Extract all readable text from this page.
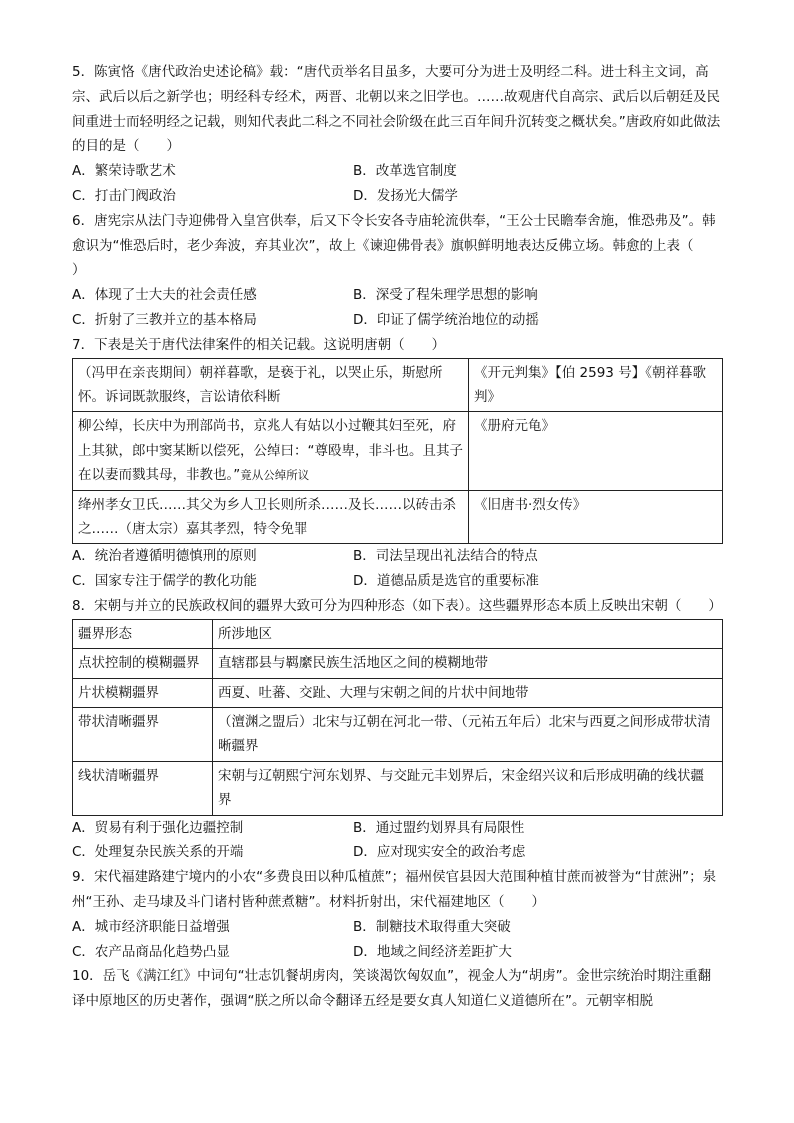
5．陈寅恪《唐代政治史述论稿》载：“唐代贡举名目虽多，大要可分为进士及明经二科。进士科主文词，高宗、武后以后之新学也；明经科专经术，两晋、北朝以来之旧学也。……故观唐代自高宗、武后以后朝廷及民间重进士而轻明经之记载，则知代表此二科之不同社会阶级在此三百年间升沉转变之概状矣。”唐政府如此做法的目的是（　　）

A．繁荣诗歌艺术	B．改革选官制度
C．打击门阀政治	D．发扬光大儒学

6．唐宪宗从法门寺迎佛骨入皇宫供奉，后又下令长安各寺庙轮流供奉，“王公士民瞻奉舍施，惟恐弗及”。韩愈识为“惟恐后时，老少奔波，弃其业次”，故上《谏迎佛骨表》旗帜鲜明地表达反佛立场。韩愈的上表（　　）

A．体现了士大夫的社会责任感	B．深受了程朱理学思想的影响
C．折射了三教并立的基本格局	D．印证了儒学统治地位的动摇

7．下表是关于唐代法律案件的相关记载。这说明唐朝（　　）

（冯甲在亲丧期间）朝祥暮歌，是亵于礼，以哭止乐，斯慰所怀。诉词既款服终，言讼请依科断	《开元判集》【伯 2593 号】《朝祥暮歌判》
柳公绰，长庆中为刑部尚书，京兆人有姑以小过鞭其妇至死，府上其狱，郎中窦某断以偿死，公绰曰：“尊殴卑，非斗也。且其子在以妻而戮其母，非教也。”竟从公绰所议	《册府元龟》
绛州孝女卫氏……其父为乡人卫长则所杀……及长……以砖击杀之……（唐太宗）嘉其孝烈，特令免罪	《旧唐书·烈女传》
A．统治者遵循明德慎刑的原则	B．司法呈现出礼法结合的特点
C．国家专注于儒学的教化功能	D．道德品质是选官的重要标准

8．宋朝与并立的民族政权间的疆界大致可分为四种形态（如下表）。这些疆界形态本质上反映出宋朝（　　）

疆界形态	所涉地区
点状控制的模糊疆界	直辖郡县与羁縻民族生活地区之间的模糊地带
片状模糊疆界	西夏、吐蕃、交趾、大理与宋朝之间的片状中间地带
带状清晰疆界	（澶渊之盟后）北宋与辽朝在河北一带、（元祐五年后）北宋与西夏之间形成带状清晰疆界
线状清晰疆界	宋朝与辽朝熙宁河东划界、与交趾元丰划界后，宋金绍兴议和后形成明确的线状疆界
A．贸易有利于强化边疆控制	B．通过盟约划界具有局限性
C．处理复杂民族关系的开端	D．应对现实安全的政治考虑

9．宋代福建路建宁境内的小农“多费良田以种瓜植蔗”；福州侯官县因大范围种植甘蔗而被誉为“甘蔗洲”；泉州“王孙、走马埭及斗门诸村皆种蔗煮糖”。材料折射出，宋代福建地区（　　）

A．城市经济职能日益增强	B．制糖技术取得重大突破
C．农产品商品化趋势凸显	D．地域之间经济差距扩大

10．岳飞《满江红》中词句“壮志饥餐胡虏肉，笑谈渴饮匈奴血”，视金人为“胡虏”。金世宗统治时期注重翻译中原地区的历史著作，强调“朕之所以命令翻译五经是要女真人知道仁义道德所在”。元朝宰相脱
